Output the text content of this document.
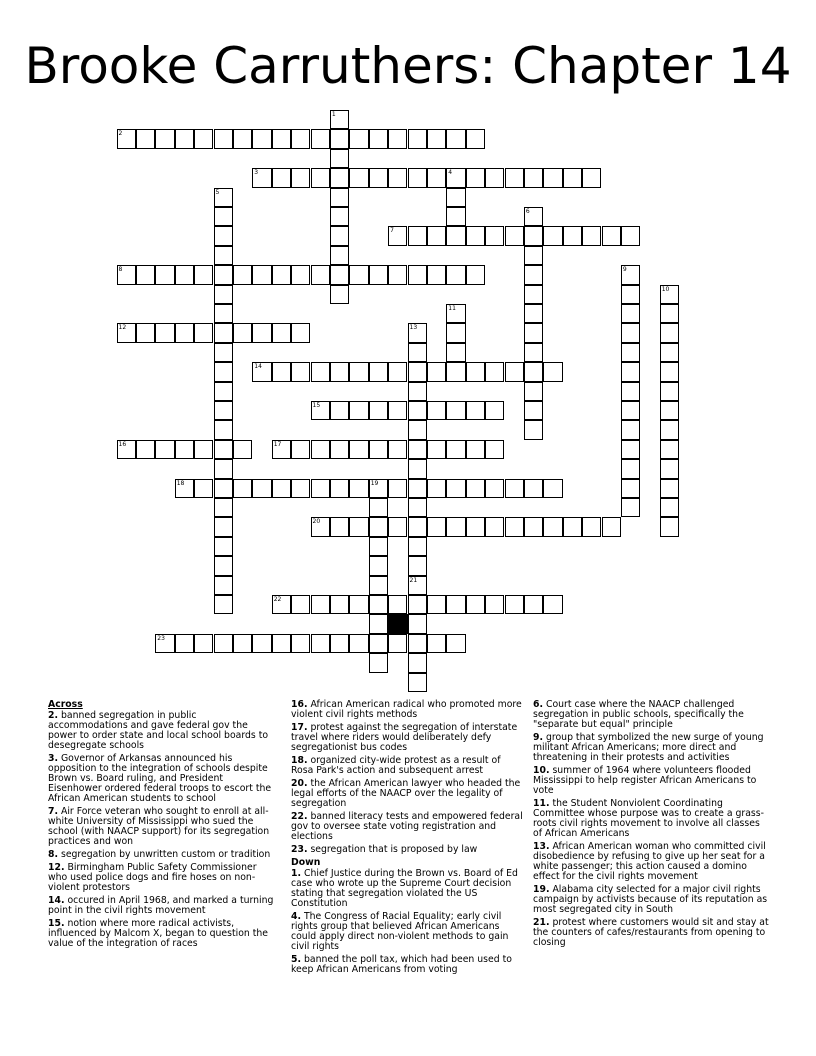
Brooke Carruthers: Chapter 14
1
2
3	4
5
6
7
8	9
10
11
12	13
14
15
16	17
18	19
20
21
22
23
Across
2. banned segregation in public accommodations and gave federal gov the power to order state and local school boards to desegregate schools
3. Governor of Arkansas announced his opposition to the integration of schools despite Brown vs. Board ruling, and President Eisenhower ordered federal troops to escort the African American students to school
7. Air Force veteran who sought to enroll at all-white University of Mississippi who sued the school (with NAACP support) for its segregation practices and won
8. segregation by unwritten custom or tradition
12. Birmingham Public Safety Commissioner who used police dogs and fire hoses on non-violent protestors
14. occured in April 1968, and marked a turning point in the civil rights movement
15. notion where more radical activists, influenced by Malcom X, began to question the value of the integration of races
16. African American radical who promoted more violent civil rights methods
17. protest against the segregation of interstate travel where riders would deliberately defy segregationist bus codes
18. organized city-wide protest as a result of Rosa Park's action and subsequent arrest
20. the African American lawyer who headed the legal efforts of the NAACP over the legality of segregation
22. banned literacy tests and empowered federal gov to oversee state voting registration and elections
23. segregation that is proposed by law
Down
1. Chief Justice during the Brown vs. Board of Ed case who wrote up the Supreme Court decision stating that segregation violated the US Constitution
4. The Congress of Racial Equality; early civil rights group that believed African Americans could apply direct non-violent methods to gain civil rights
5. banned the poll tax, which had been used to keep African Americans from voting
6. Court case where the NAACP challenged segregation in public schools, specifically the "separate but equal" principle
9. group that symbolized the new surge of young militant African Americans; more direct and threatening in their protests and activities
10. summer of 1964 where volunteers flooded Mississippi to help register African Americans to vote
11. the Student Nonviolent Coordinating Committee whose purpose was to create a grass-roots civil rights movement to involve all classes of African Americans
13. African American woman who committed civil disobedience by refusing to give up her seat for a white passenger; this action caused a domino effect for the civil rights movement
19. Alabama city selected for a major civil rights campaign by activists because of its reputation as most segregated city in South
21. protest where customers would sit and stay at the counters of cafes/restaurants from opening to closing
